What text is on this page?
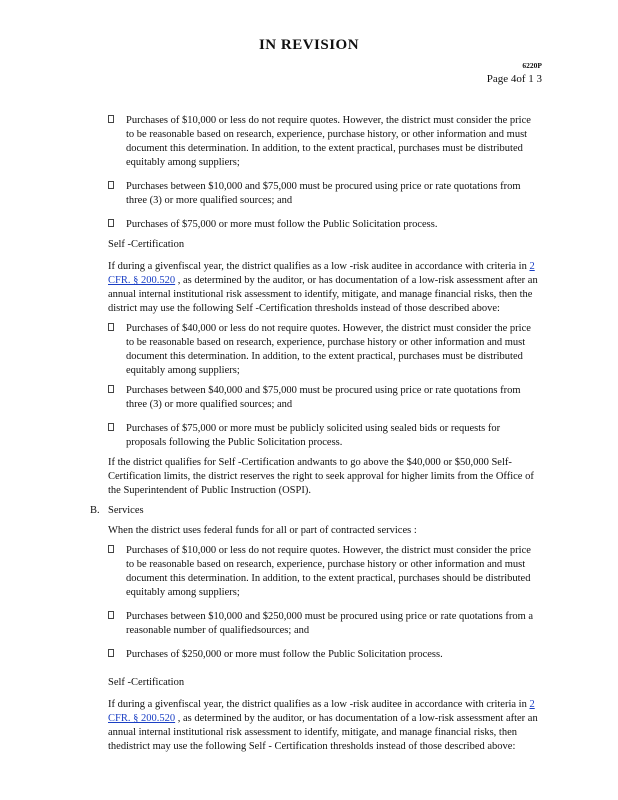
IN REVISION
6220P
Page 4of 1 3
Purchases of $10,000 or less do not require quotes. However, the district must consider the price to be reasonable based on research, experience, purchase history, or other information and must document this determination. In addition, to the extent practical, purchases must be distributed equitably among suppliers;
Purchases between $10,000 and $75,000 must be procured using price or rate quotations from three (3) or more qualified sources; and
Purchases of $75,000 or more must follow the Public Solicitation process.
Self -Certification
If during a givenfiscal year, the district qualifies as a low -risk auditee in accordance with criteria in 2 CFR. § 200.520 , as determined by the auditor, or has documentation of a low-risk assessment after an annual internal institutional risk assessment to identify, mitigate, and manage financial risks, then the district may use the following Self -Certification thresholds instead of those described above:
Purchases of $40,000 or less do not require quotes. However, the district must consider the price to be reasonable based on research, experience, purchase history or other information and must document this determination. In addition, to the extent practical, purchases must be distributed equitably among suppliers;
Purchases between $40,000 and $75,000 must be procured using price or rate quotations from three (3) or more qualified sources; and
Purchases of $75,000 or more must be publicly solicited using sealed bids or requests for proposals following the Public Solicitation process.
If the district qualifies for Self -Certification andwants to go above the $40,000 or $50,000 Self- Certification limits, the district reserves the right to seek approval for higher limits from the Office of the Superintendent of Public Instruction (OSPI).
B. Services
When the district uses federal funds for all or part of contracted services :
Purchases of $10,000 or less do not require quotes. However, the district must consider the price to be reasonable based on research, experience, purchase history or other information and must document this determination. In addition, to the extent practical, purchases should be distributed equitably among suppliers;
Purchases between $10,000 and $250,000 must be procured using price or rate quotations from a reasonable number of qualifiedsources; and
Purchases of $250,000 or more must follow the Public Solicitation process.
Self -Certification
If during a givenfiscal year, the district qualifies as a low -risk auditee in accordance with criteria in 2 CFR. § 200.520 , as determined by the auditor, or has documentation of a low-risk assessment after an annual internal institutional risk assessment to identify, mitigate, and manage financial risks, then thedistrict may use the following Self - Certification thresholds instead of those described above:
